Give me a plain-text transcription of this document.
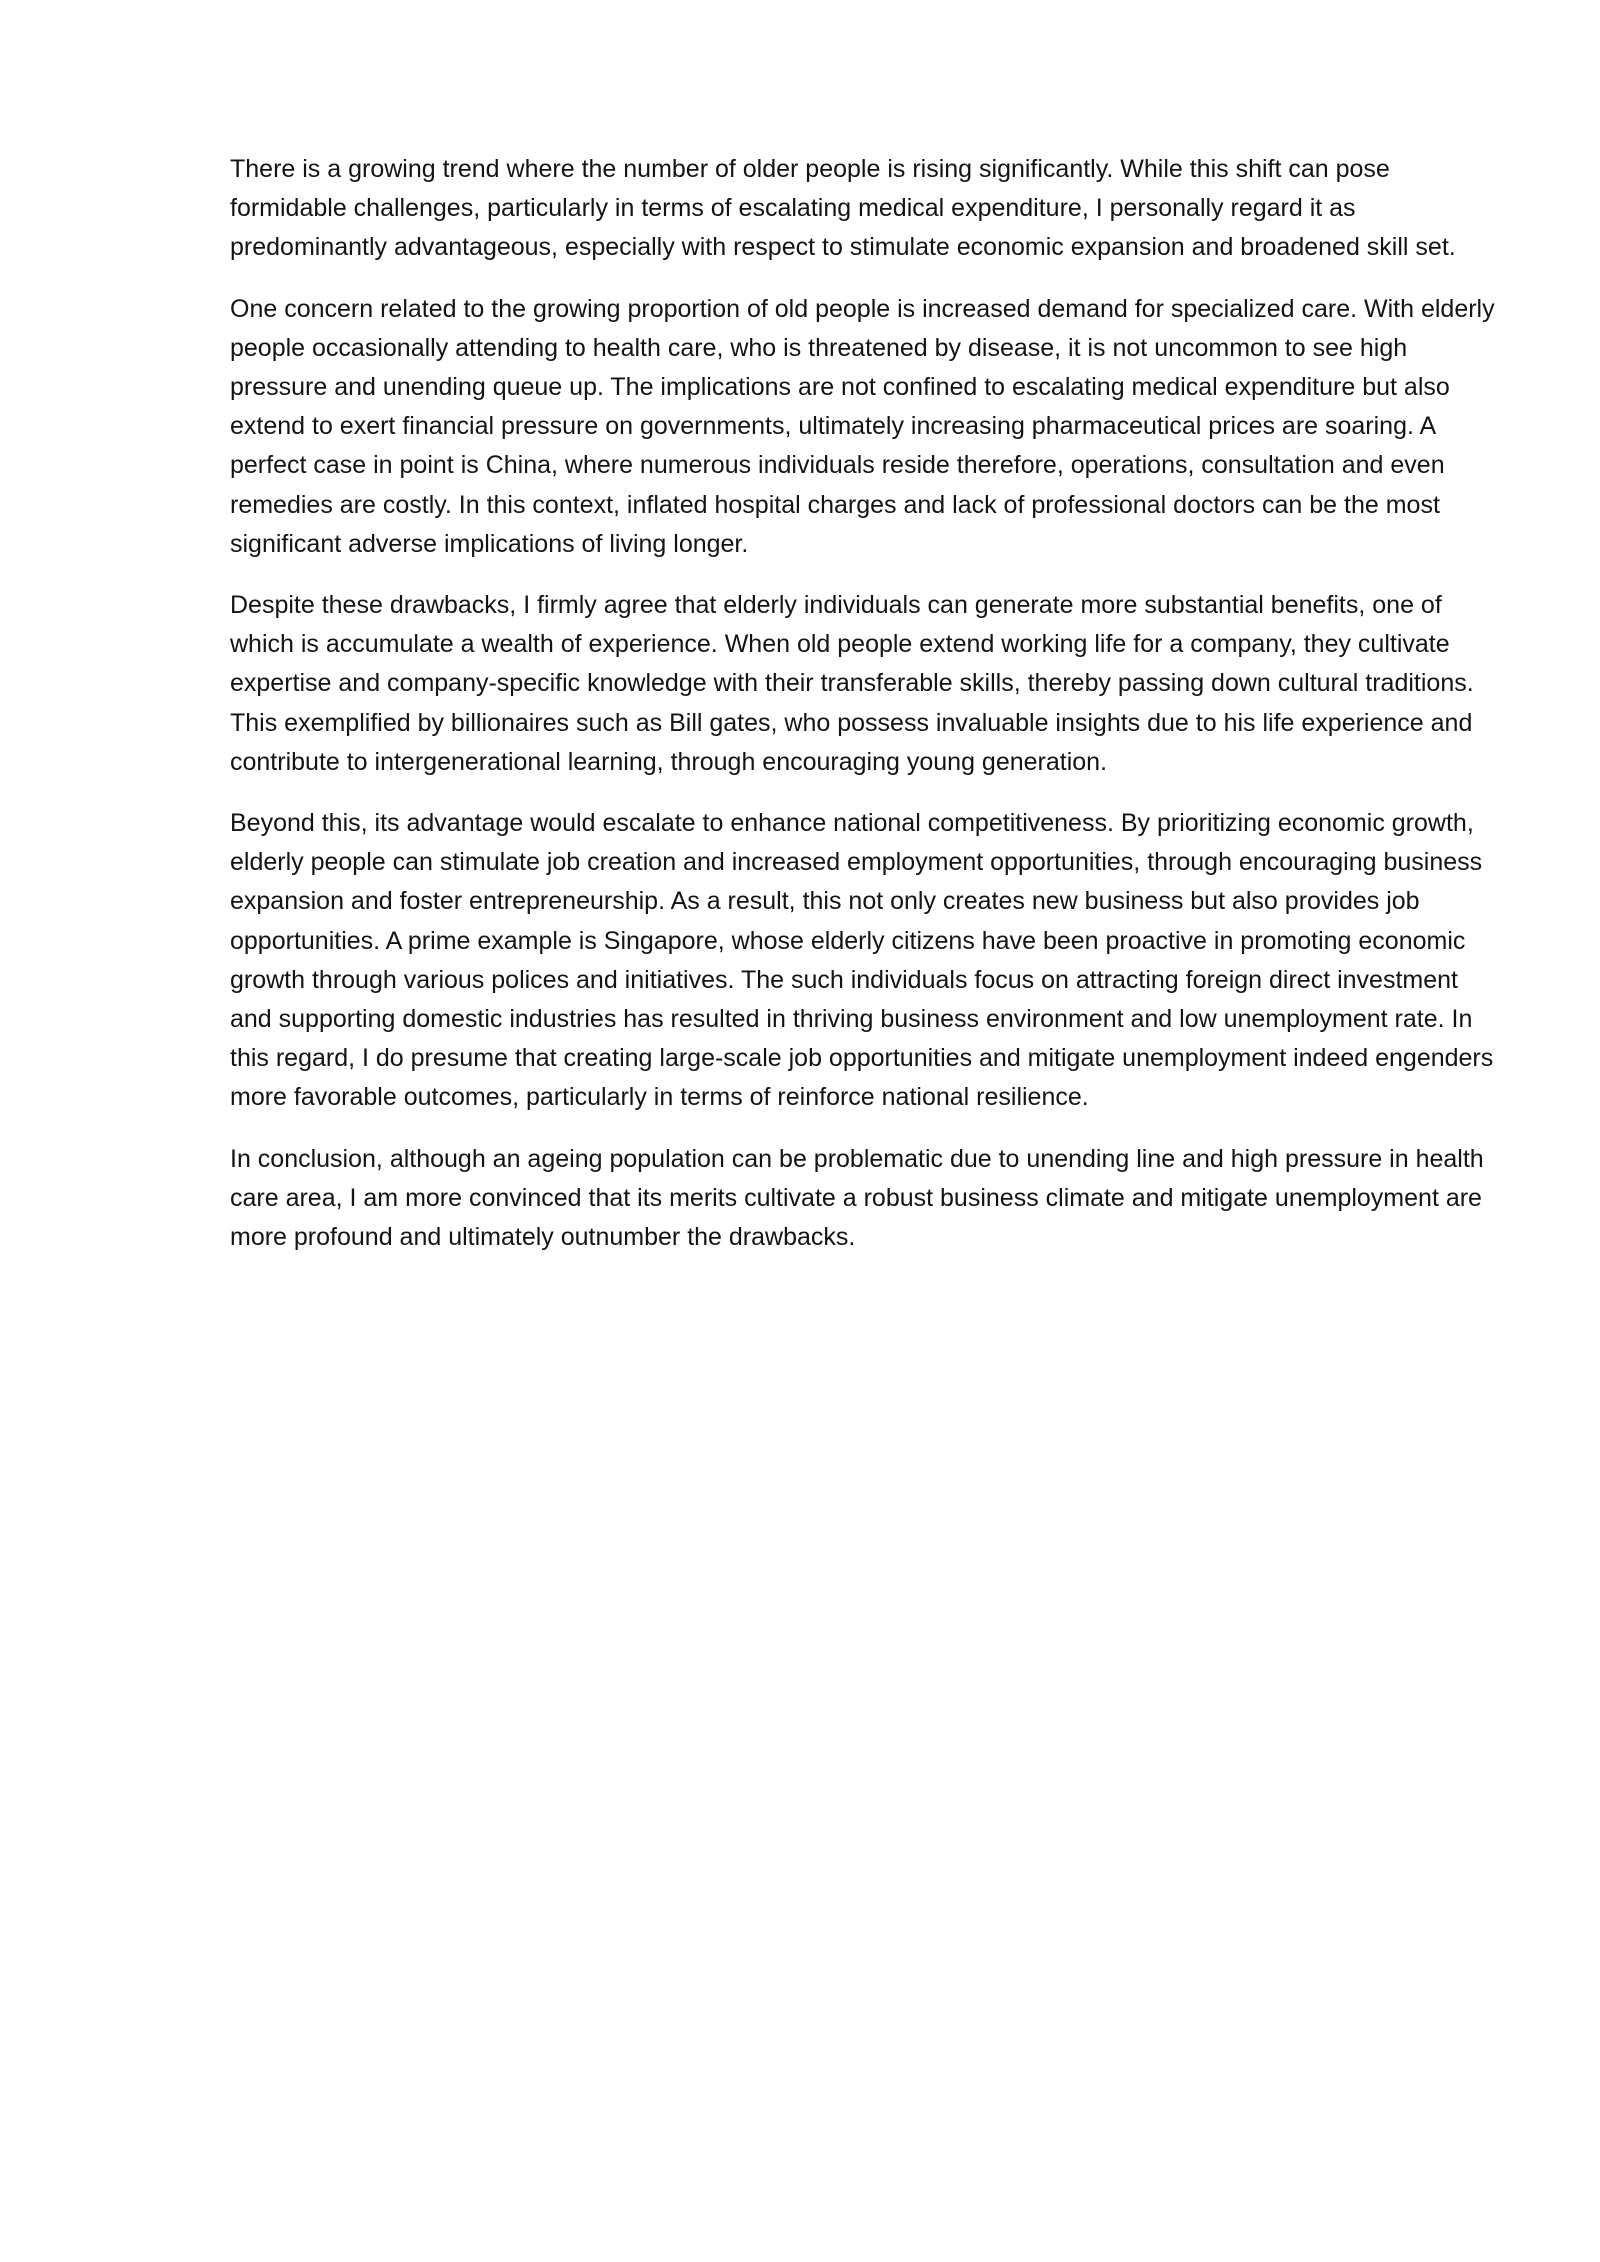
There is a growing trend where the number of older people is rising significantly. While this shift can pose formidable challenges, particularly in terms of escalating medical expenditure, I personally regard it as predominantly advantageous, especially with respect to stimulate economic expansion and broadened skill set.

One concern related to the growing proportion of old people is increased demand for specialized care. With elderly people occasionally attending to health care, who is threatened by disease, it is not uncommon to see high pressure and unending queue up. The implications are not confined to escalating medical expenditure but also extend to exert financial pressure on governments, ultimately increasing pharmaceutical prices are soaring. A perfect case in point is China, where numerous individuals reside therefore, operations, consultation and even remedies are costly. In this context, inflated hospital charges and lack of professional doctors can be the most significant adverse implications of living longer.

Despite these drawbacks, I firmly agree that elderly individuals can generate more substantial benefits, one of which is accumulate a wealth of experience. When old people extend working life for a company, they cultivate expertise and company-specific knowledge with their transferable skills, thereby passing down cultural traditions. This exemplified by billionaires such as Bill gates, who possess invaluable insights due to his life experience and contribute to intergenerational learning, through encouraging young generation.

Beyond this, its advantage would escalate to enhance national competitiveness. By prioritizing economic growth, elderly people can stimulate job creation and increased employment opportunities, through encouraging business expansion and foster entrepreneurship. As a result, this not only creates new business but also provides job opportunities. A prime example is Singapore, whose elderly citizens have been proactive in promoting economic growth through various polices and initiatives. The such individuals focus on attracting foreign direct investment and supporting domestic industries has resulted in thriving business environment and low unemployment rate. In this regard, I do presume that creating large-scale job opportunities and mitigate unemployment indeed engenders more favorable outcomes, particularly in terms of reinforce national resilience.

In conclusion, although an ageing population can be problematic due to unending line and high pressure in health care area, I am more convinced that its merits cultivate a robust business climate and mitigate unemployment are more profound and ultimately outnumber the drawbacks.
